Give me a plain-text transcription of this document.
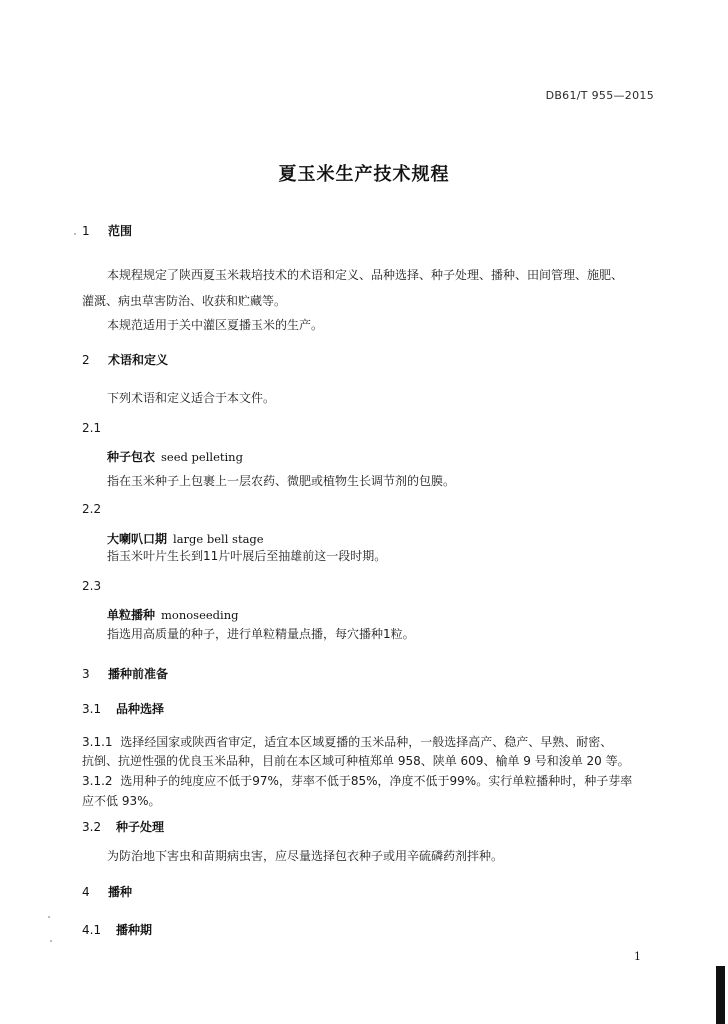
DB61/T 955—2015
夏玉米生产技术规程
1 范围
本规程规定了陕西夏玉米栽培技术的术语和定义、品种选择、种子处理、播种、田间管理、施肥、
灌溉、病虫草害防治、收获和贮藏等。
本规范适用于关中灌区夏播玉米的生产。
2 术语和定义
下列术语和定义适合于本文件。
2.1
种子包衣 seed pelleting
指在玉米种子上包裹上一层农药、微肥或植物生长调节剂的包膜。
2.2
大喇叭口期 large bell stage
指玉米叶片生长到11片叶展后至抽雄前这一段时期。
2.3
单粒播种 monoseeding
指选用高质量的种子，进行单粒精量点播，每穴播种1粒。
3 播种前准备
3.1 品种选择
3.1.1 选择经国家或陕西省审定，适宜本区域夏播的玉米品种，一般选择高产、稳产、早熟、耐密、
抗倒、抗逆性强的优良玉米品种，目前在本区域可种植郑单 958、陕单 609、榆单 9 号和浚单 20 等。
3.1.2 选用种子的纯度应不低于97%，芽率不低于85%，净度不低于99%。实行单粒播种时，种子芽率
应不低 93%。
3.2 种子处理
为防治地下害虫和苗期病虫害，应尽量选择包衣种子或用辛硫磷药剂拌种。
4 播种
4.1 播种期
1
